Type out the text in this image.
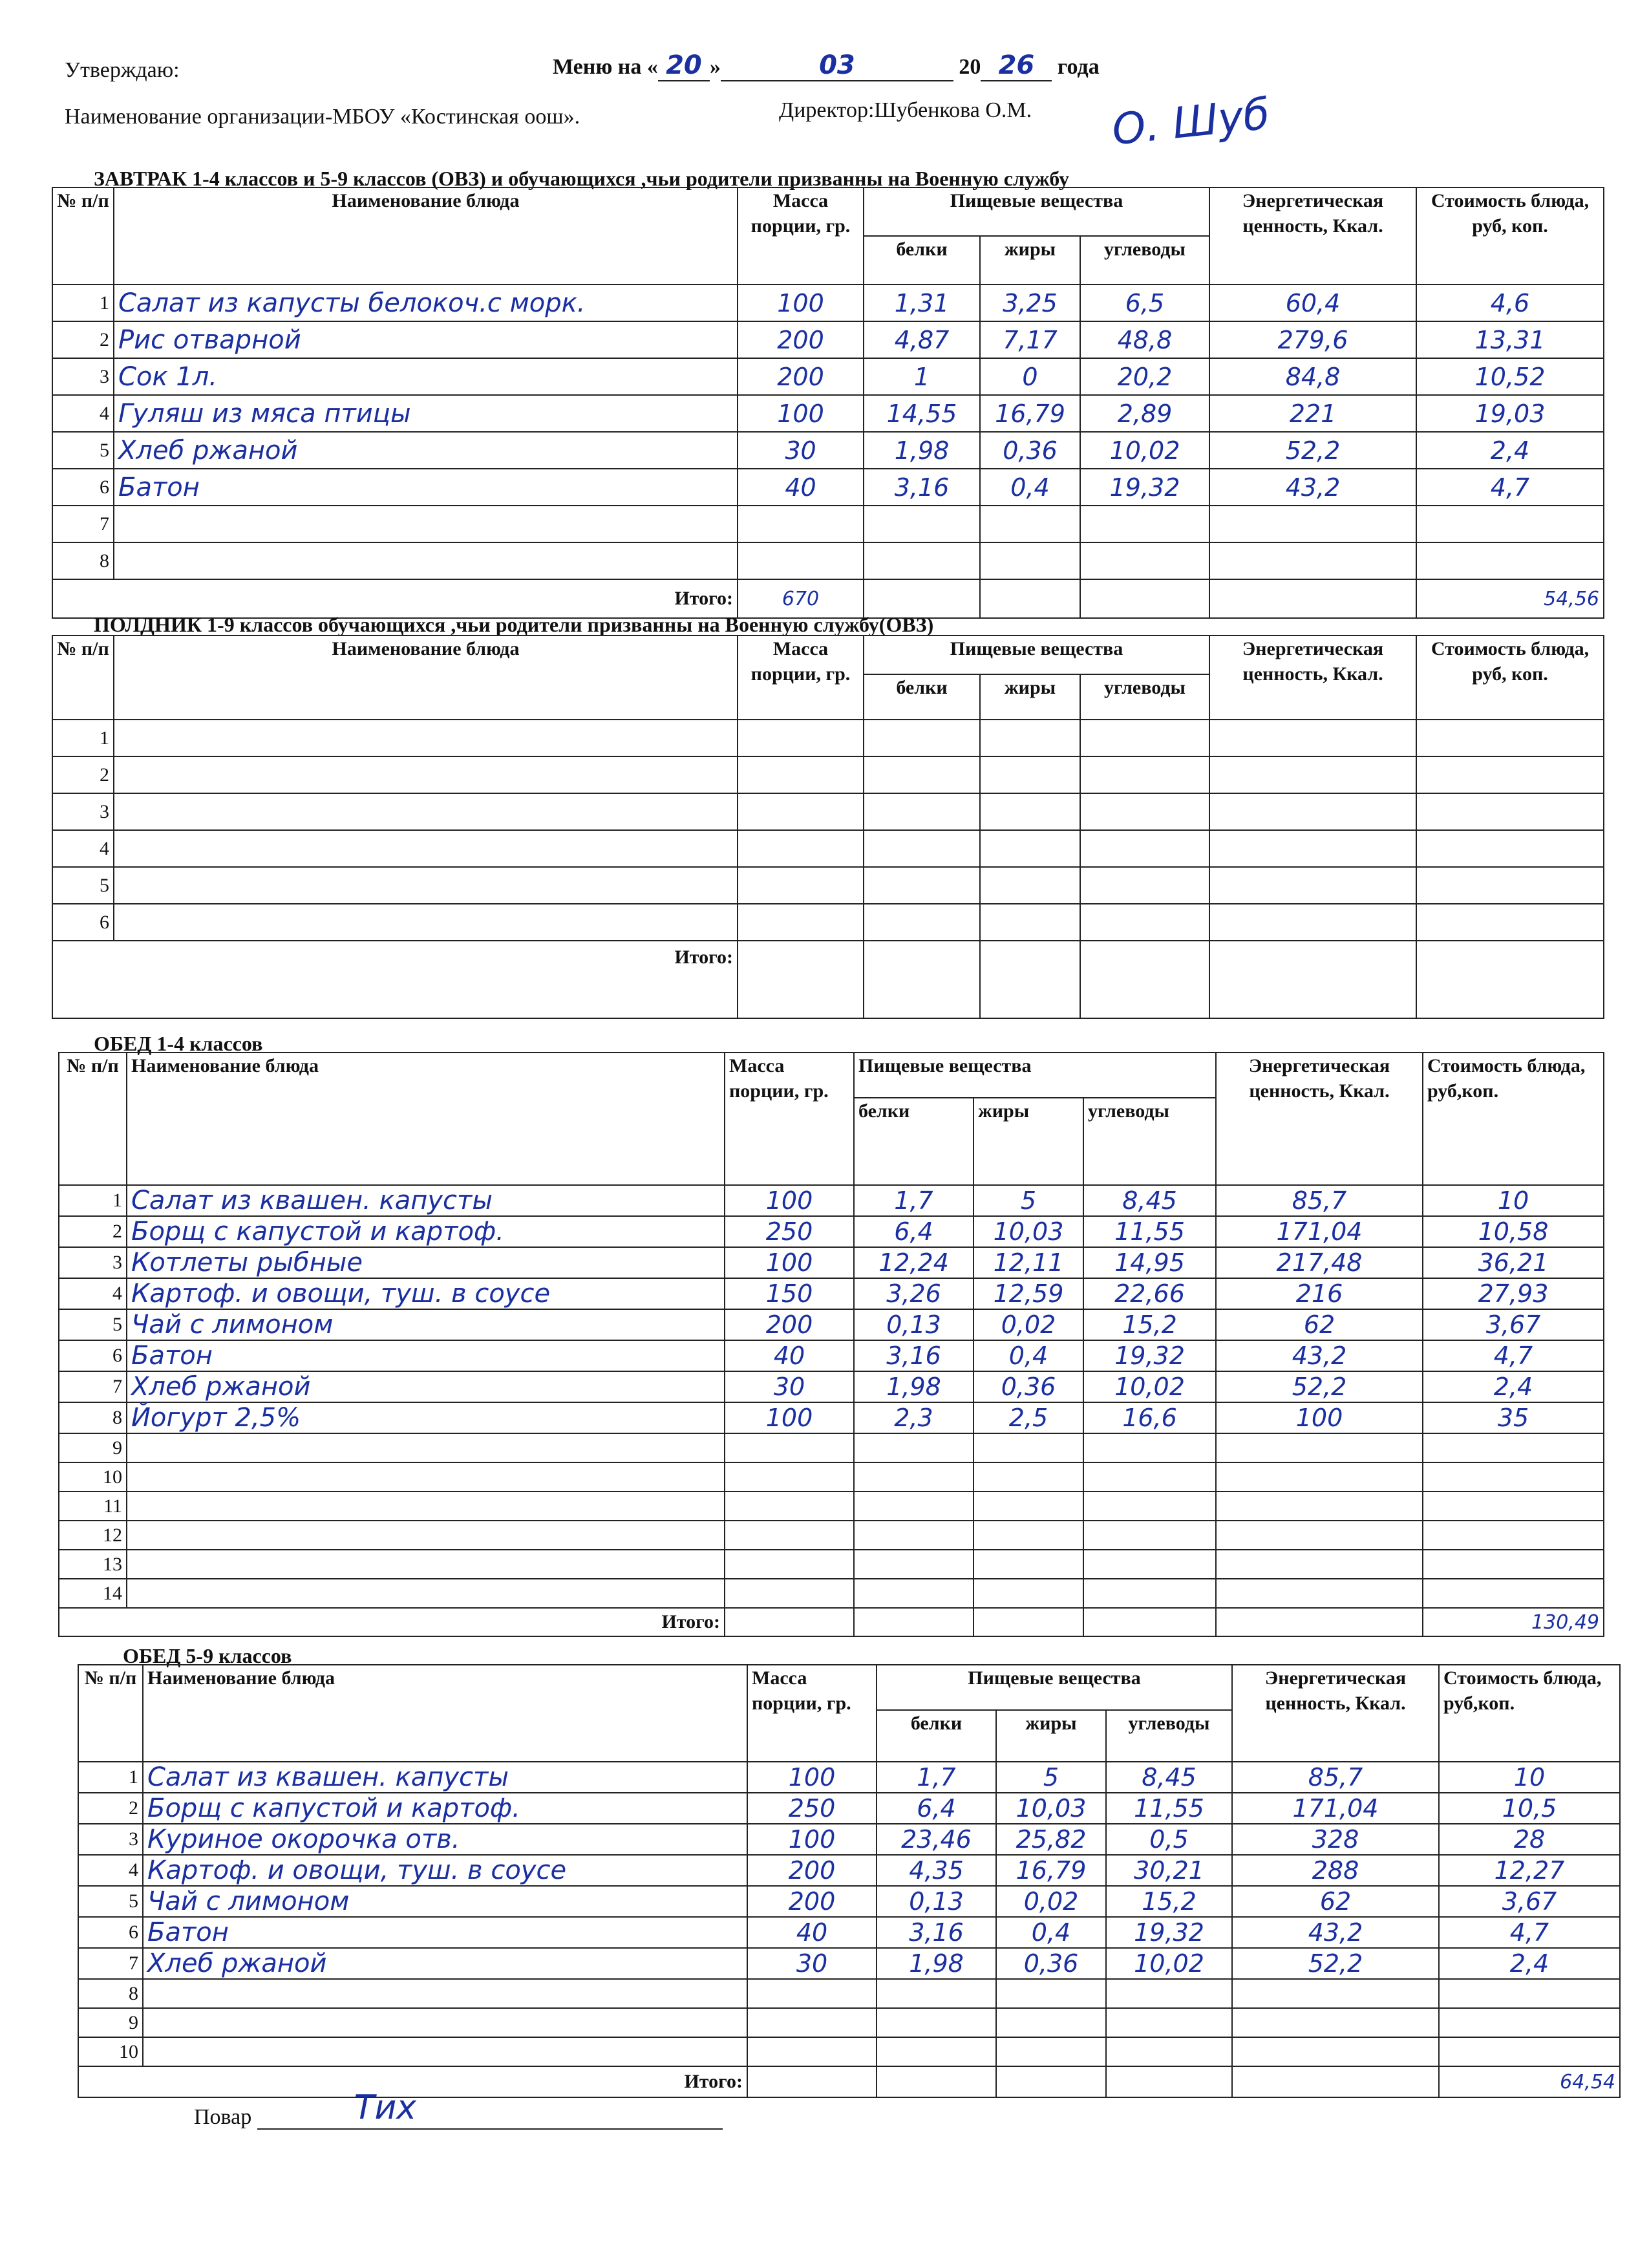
Утверждаю:	Меню на « 20 »	03	20 26 года
Наименование организации-МБОУ «Костинская оош».	Директор:Шубенкова О.М. О. Шуб
ЗАВТРАК 1-4 классов и 5-9 классов (ОВЗ) и обучающихся ,чьи родители призванны на Военную службу
№ п/п	Наименование блюда	Масса порции, гр.	Пищевые вещества			Энергетическая ценность, Ккал.	Стоимость блюда, руб, коп.
			белки	жиры	углеводы		
1	Салат из капусты белокоч.с морк.	100	1,31	3,25	6,5	60,4	4,6
2	Рис отварной	200	4,87	7,17	48,8	279,6	13,31
3	Сок 1л.	200	1	0	20,2	84,8	10,52
4	Гуляш из мяса птицы	100	14,55	16,79	2,89	221	19,03
5	Хлеб ржаной	30	1,98	0,36	10,02	52,2	2,4
6	Батон	40	3,16	0,4	19,32	43,2	4,7
7							
8							
Итого:		670					54,56
ПОЛДНИК 1-9 классов обучающихся ,чьи родители призванны на Военную службу(ОВЗ)
№ п/п	Наименование блюда	Масса порции, гр.	Пищевые вещества			Энергетическая ценность, Ккал.	Стоимость блюда, руб, коп.
			белки	жиры	углеводы		
1							
2							
3							
4							
5							
6							
Итого:							
ОБЕД 1-4 классов
№ п/п	Наименование блюда	Масса порции, гр.	Пищевые вещества			Энергетическая ценность, Ккал.	Стоимость блюда, руб,коп.
			белки	жиры	углеводы		
1	Салат из квашен. капусты	100	1,7	5	8,45	85,7	10
2	Борщ с капустой и картоф.	250	6,4	10,03	11,55	171,04	10,58
3	Котлеты рыбные	100	12,24	12,11	14,95	217,48	36,21
4	Картоф. и овощи, туш. в соусе	150	3,26	12,59	22,66	216	27,93
5	Чай с лимоном	200	0,13	0,02	15,2	62	3,67
6	Батон	40	3,16	0,4	19,32	43,2	4,7
7	Хлеб ржаной	30	1,98	0,36	10,02	52,2	2,4
8	Йогурт 2,5%	100	2,3	2,5	16,6	100	35
9							
10							
11							
12							
13							
14							
Итого:							130,49
ОБЕД 5-9 классов
№ п/п	Наименование блюда	Масса порции, гр.	Пищевые вещества			Энергетическая ценность, Ккал.	Стоимость блюда, руб,коп.
			белки	жиры	углеводы		
1	Салат из квашен. капусты	100	1,7	5	8,45	85,7	10
2	Борщ с капустой и картоф.	250	6,4	10,03	11,55	171,04	10,5
3	Куриное окорочка отв.	100	23,46	25,82	0,5	328	28
4	Картоф. и овощи, туш. в соусе	200	4,35	16,79	30,21	288	12,27
5	Чай с лимоном	200	0,13	0,02	15,2	62	3,67
6	Батон	40	3,16	0,4	19,32	43,2	4,7
7	Хлеб ржаной	30	1,98	0,36	10,02	52,2	2,4
8							
9							
10							
Итого:							64,54
Повар	Тих
